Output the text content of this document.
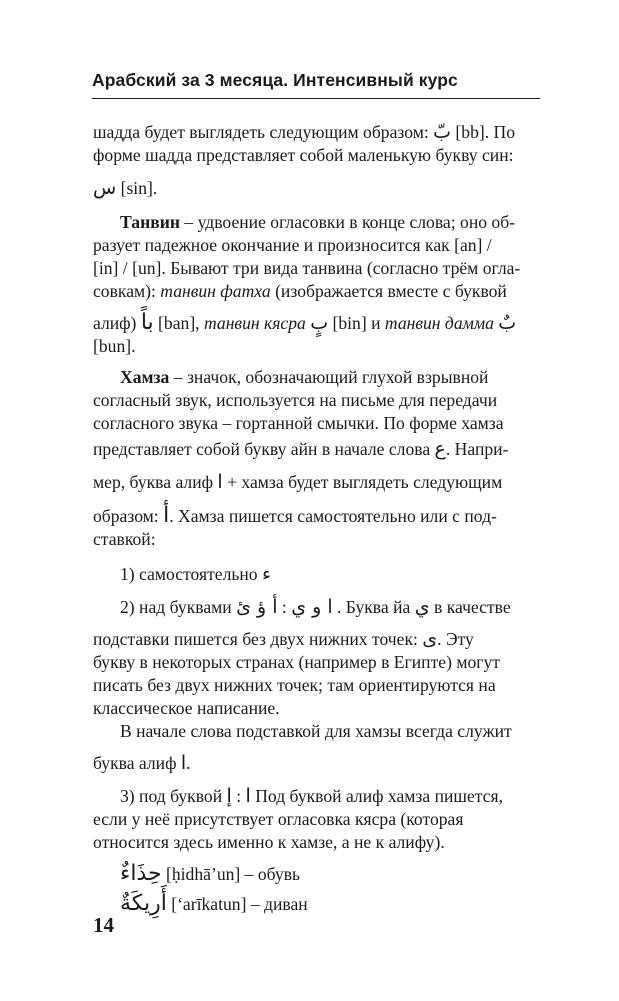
Арабский за 3 месяца. Интенсивный курс
шадда будет выглядеть следующим образом: بّ [bb]. По
форме шадда представляет собой маленькую букву син:
س [sin].
Танвин – удвоение огласовки в конце слова; оно об-
разует падежное окончание и произносится как [an] /
[in] / [un]. Бывают три вида танвина (согласно трём огла-
совкам): танвин фатха (изображается вместе с буквой
алиф) باً [ban], танвин кясра بٍ [bin] и танвин дамма بٌ
[bun].
Хамза – значок, обозначающий глухой взрывной
согласный звук, используется на письме для передачи
согласного звука – гортанной смычки. По форме хамза
представляет собой букву айн в начале слова ع. Напри-
мер, буква алиф ا + хамза будет выглядеть следующим
образом: أ. Хамза пишется самостоятельно или с под-
ставкой:
1) самостоятельно ء
2) над буквами أ ؤ ئ : ا و ي . Буква йа ي в качестве
подставки пишется без двух нижних точек: ى. Эту
букву в некоторых странах (например в Египте) могут
писать без двух нижних точек; там ориентируются на
классическое написание.
В начале слова подставкой для хамзы всегда служит
буква алиф ا.
3) под буквой إ : ا Под буквой алиф хамза пишется,
если у неё присутствует огласовка кясра (которая
относится здесь именно к хамзе, а не к алифу).
حِذَاءٌ [ḥidhā’un] – обувь
أَرِيكَةٌ [‘arīkatun] – диван
14
